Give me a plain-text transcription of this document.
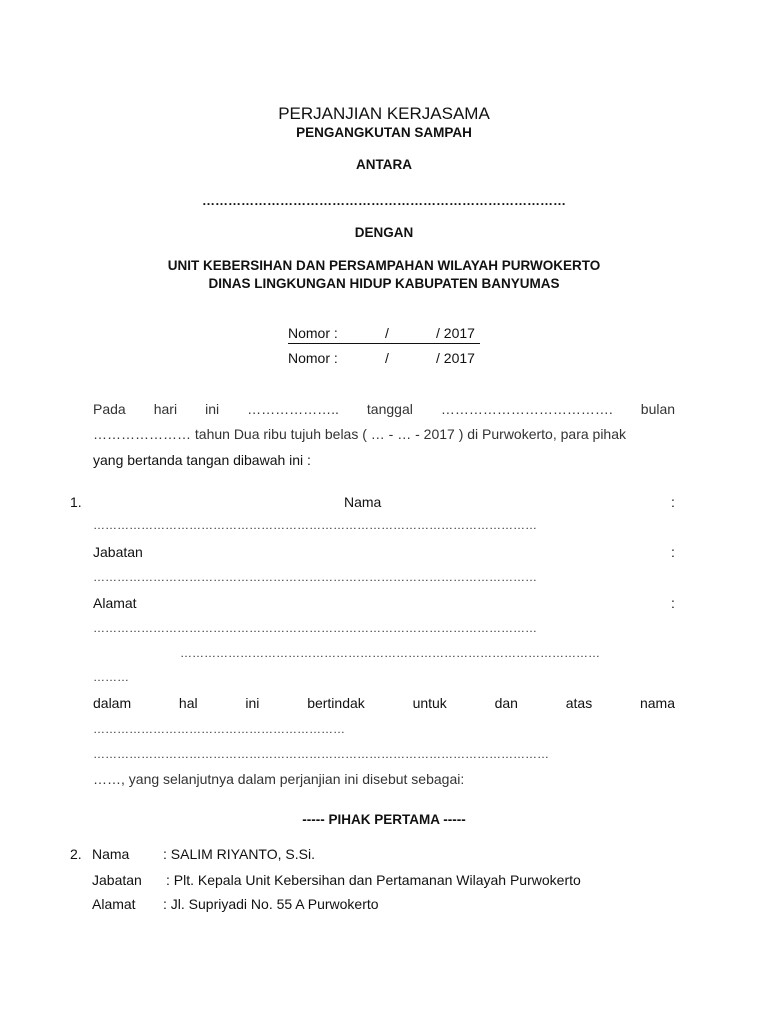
PERJANJIAN KERJASAMA
PENGANGKUTAN SAMPAH
ANTARA
…………………………………………………………………………
DENGAN
UNIT KEBERSIHAN DAN PERSAMPAHAN WILAYAH PURWOKERTO
DINAS LINGKUNGAN HIDUP KABUPATEN BANYUMAS
Nomor :	/	/ 2017
Nomor :	/	/ 2017
Pada hari ini ……………….. tanggal ………………………………. bulan
………………… tahun Dua ribu tujuh belas ( … - … - 2017 ) di Purwokerto, para pihak
yang bertanda tangan dibawah ini :
1.	Nama	:
…………………………………………………………………………………………………
Jabatan	:
…………………………………………………………………………………………………
Alamat	:
…………………………………………………………………………………………………
……………………………………………………………………………………………
………
dalam	hal	ini	bertindak	untuk	dan	atas	nama
………………………………………………………
……………………………………………………………………………………………………
……, yang selanjutnya dalam perjanjian ini disebut sebagai:
----- PIHAK PERTAMA -----
2. Nama : SALIM RIYANTO, S.Si.
Jabatan : Plt. Kepala Unit Kebersihan dan Pertamanan Wilayah Purwokerto
Alamat : Jl. Supriyadi No. 55 A Purwokerto
